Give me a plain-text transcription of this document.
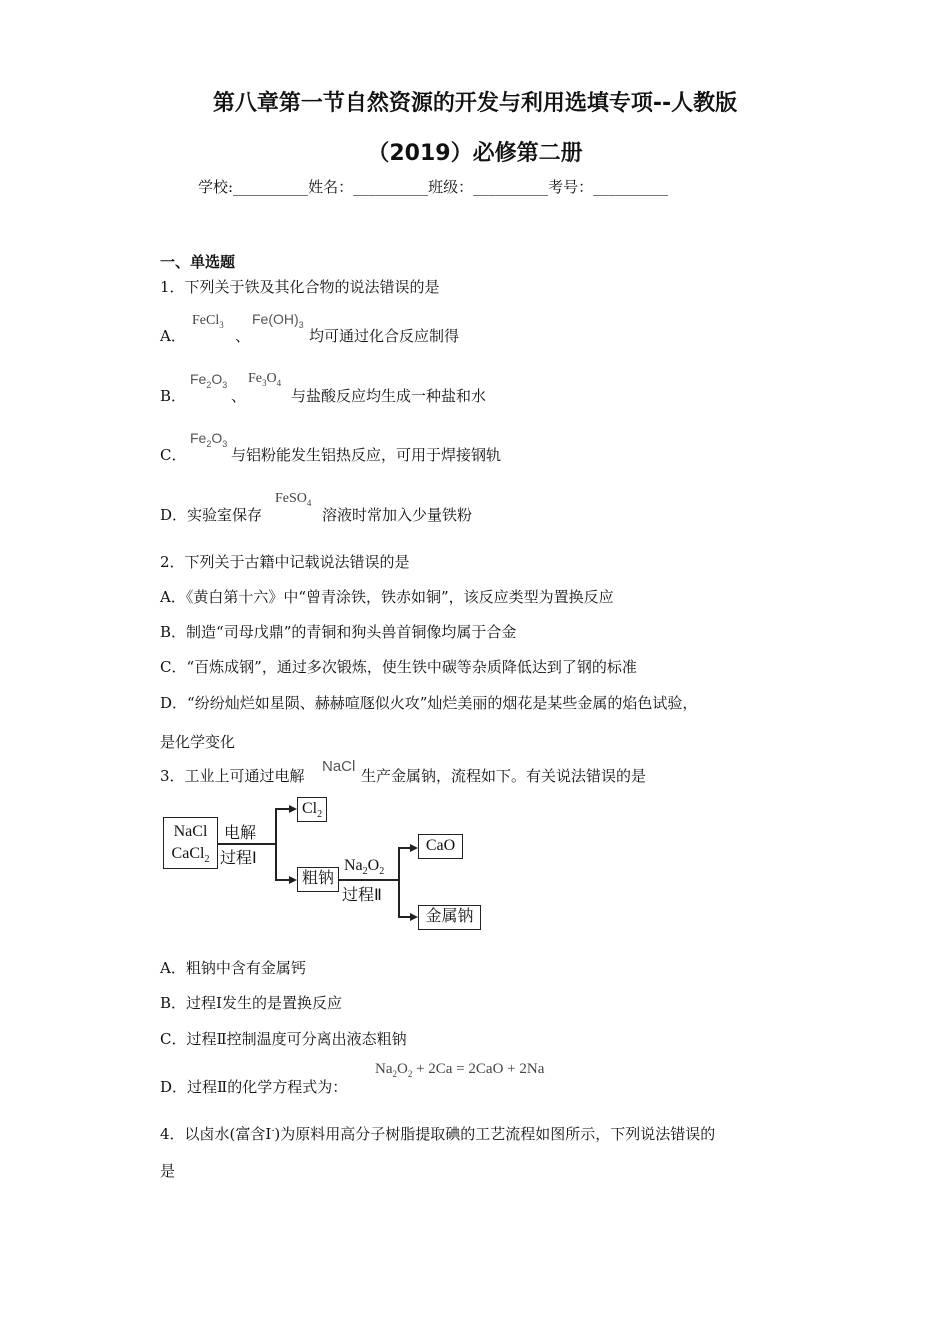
第八章第一节自然资源的开发与利用选填专项--人教版
（2019）必修第二册
学校:__________姓名：__________班级：__________考号：__________
一、单选题
1．下列关于铁及其化合物的说法错误的是
A．
FeCl$_3$
、
$Fe(OH)_3$
均可通过化合反应制得
B．
$Fe_2O_3$
、
$Fe_3O_4$
与盐酸反应均生成一种盐和水
C．
$Fe_2O_3$
与铝粉能发生铝热反应，可用于焊接钢轨
D．实验室保存
FeSO$_4$
溶液时常加入少量铁粉
2．下列关于古籍中记载说法错误的是
A．《黄白第十六》中“曾青涂铁，铁赤如铜”，该反应类型为置换反应
B．制造“司母戊鼎”的青铜和狗头兽首铜像均属于合金
C．“百炼成钢”，通过多次锻炼，使生铁中碳等杂质降低达到了钢的标准
D．“纷纷灿烂如星陨、赫赫喧豗似火攻”灿烂美丽的烟花是某些金属的焰色试验，
是化学变化
3．工业上可通过电解
NaCl
生产金属钠，流程如下。有关说法错误的是
NaCl
CaCl$_2$
电解
过程Ⅰ
$Cl_2$
粗钠
$Na_2O_2$
过程Ⅱ
CaO
金属钠
A．粗钠中含有金属钙
B．过程Ⅰ发生的是置换反应
C．过程Ⅱ控制温度可分离出液态粗钠
D．过程Ⅱ的化学方程式为：
$Na_2O_2 + 2Ca = 2CaO + 2Na$
4．以卤水(富含I-)为原料用高分子树脂提取碘的工艺流程如图所示，下列说法错误的
是
